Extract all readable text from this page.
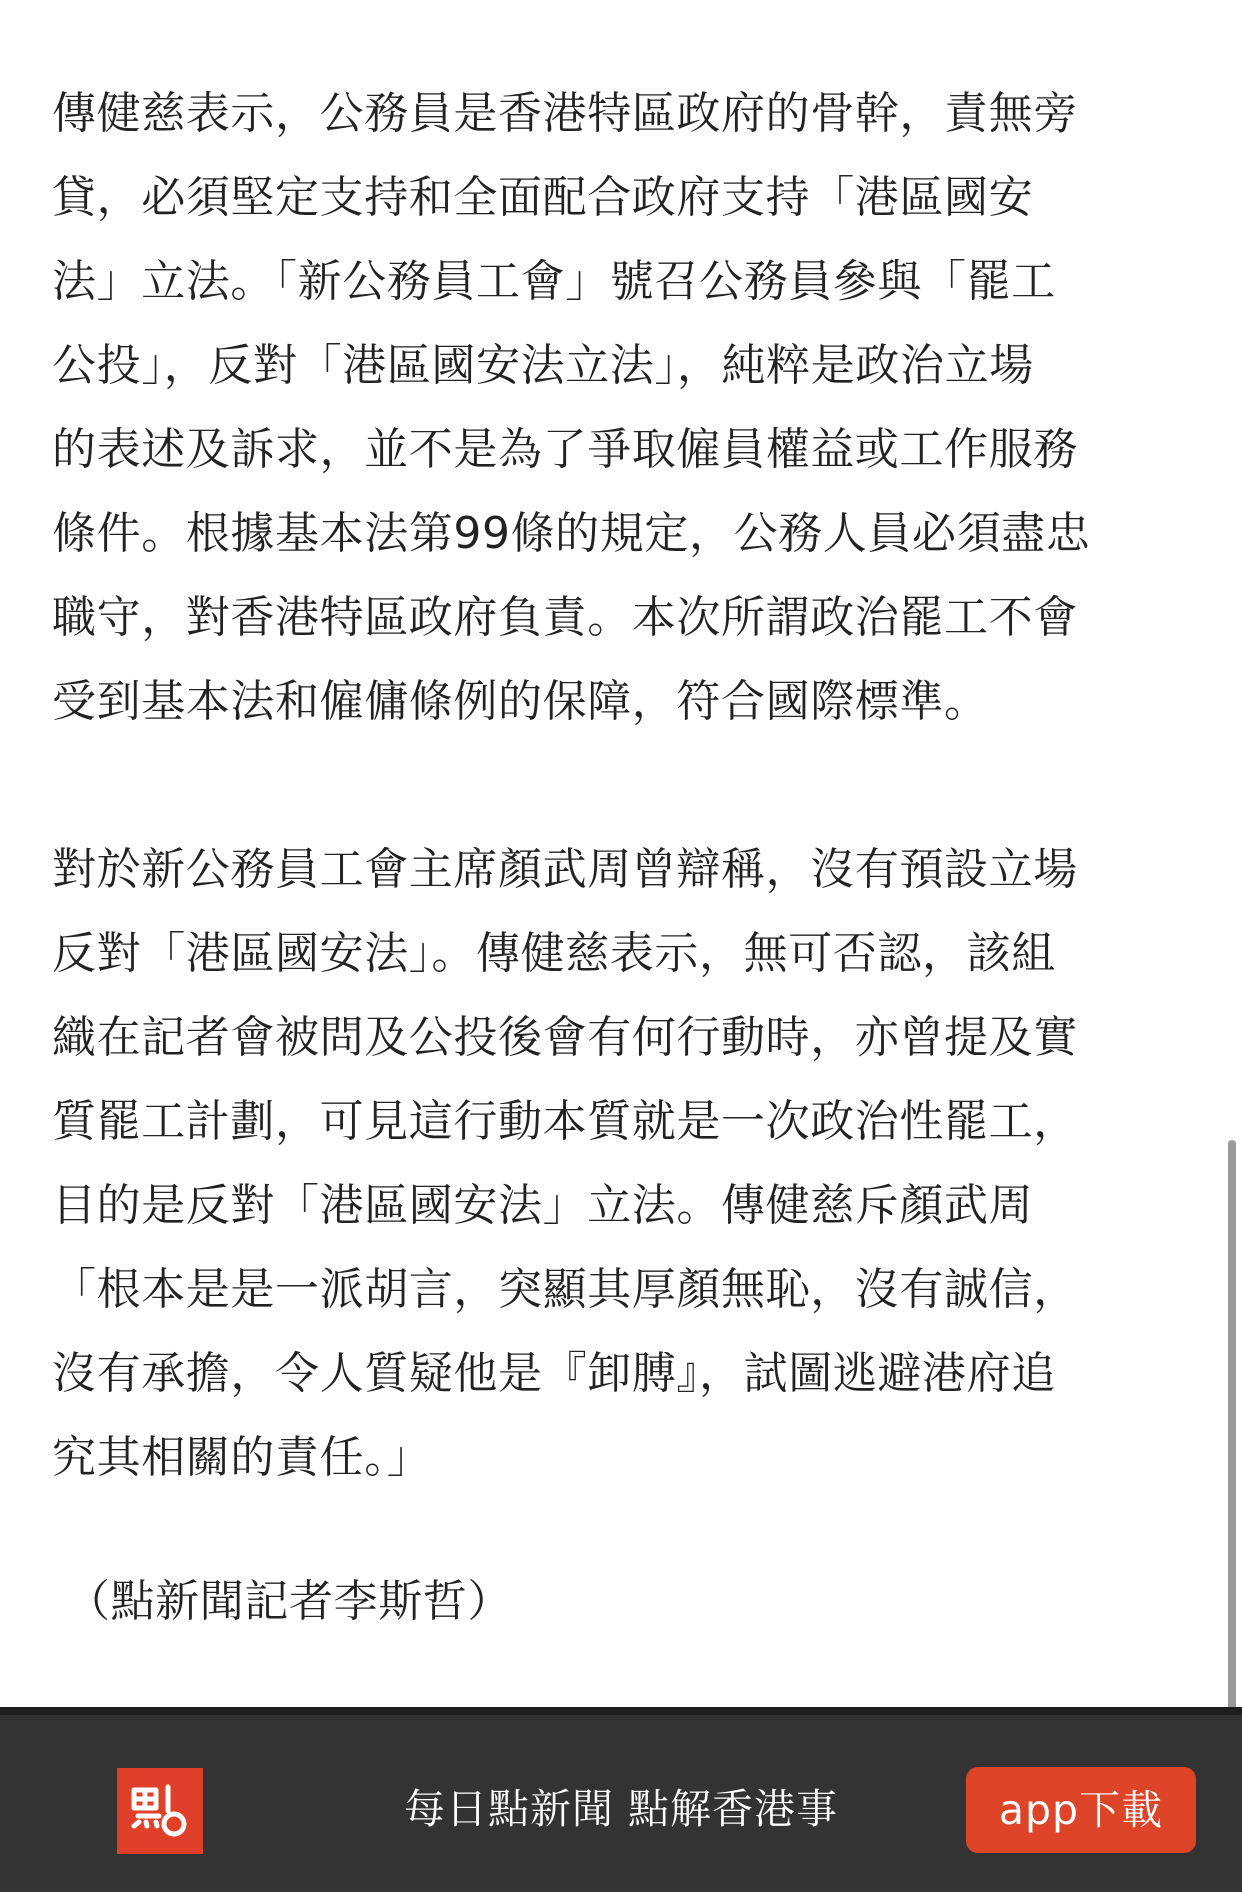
傳健慈表示，公務員是香港特區政府的骨幹，責無旁
貸，必須堅定支持和全面配合政府支持「港區國安
法」立法。「新公務員工會」號召公務員參與「罷工
公投」，反對「港區國安法立法」，純粹是政治立場
的表述及訴求，並不是為了爭取僱員權益或工作服務
條件。根據基本法第99條的規定，公務人員必須盡忠
職守，對香港特區政府負責。本次所謂政治罷工不會
受到基本法和僱傭條例的保障，符合國際標準。

對於新公務員工會主席顏武周曾辯稱，沒有預設立場
反對「港區國安法」。傳健慈表示，無可否認，該組
織在記者會被問及公投後會有何行動時，亦曾提及實
質罷工計劃，可見這行動本質就是一次政治性罷工，
目的是反對「港區國安法」立法。傳健慈斥顏武周
「根本是是一派胡言，突顯其厚顏無恥，沒有誠信，
沒有承擔，令人質疑他是『卸膊』，試圖逃避港府追
究其相關的責任。」

（點新聞記者李斯哲）
每日點新聞 點解香港事	app下載
